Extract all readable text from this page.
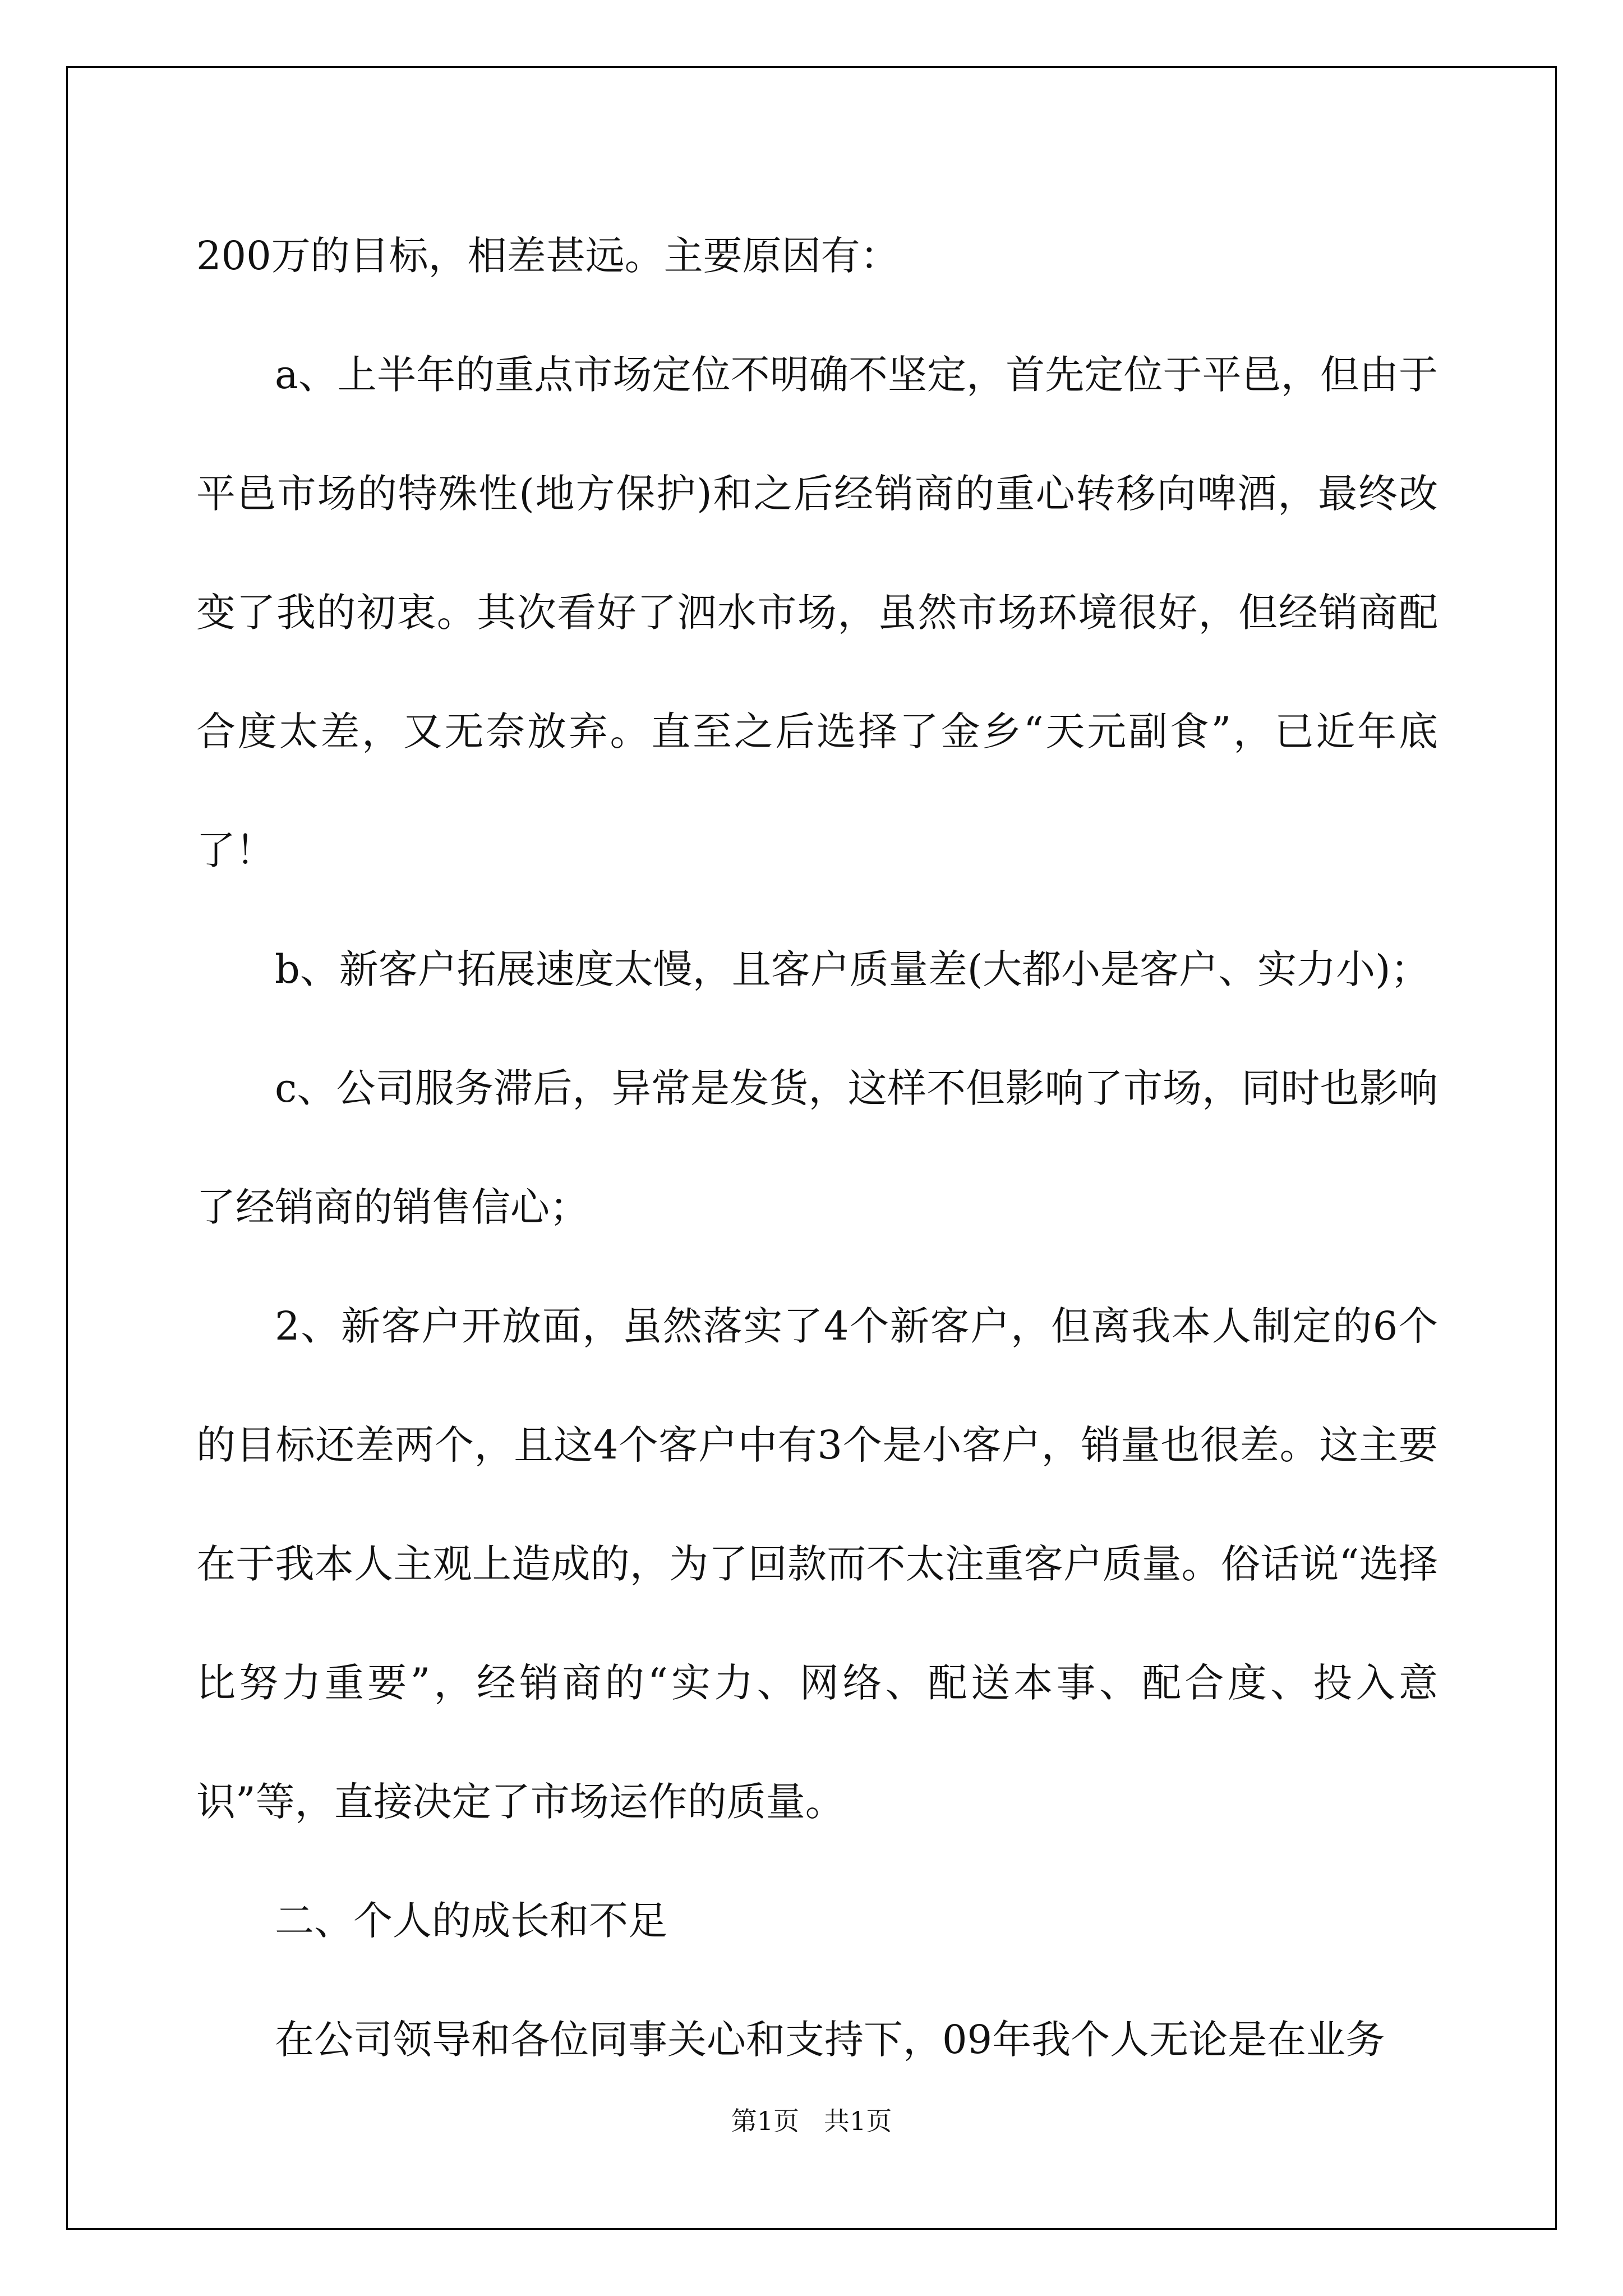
200万的目标，相差甚远。主要原因有：

a、上半年的重点市场定位不明确不坚定，首先定位于平邑，但由于平邑市场的特殊性(地方保护)和之后经销商的重心转移向啤酒，最终改变了我的初衷。其次看好了泗水市场，虽然市场环境很好，但经销商配合度太差，又无奈放弃。直至之后选择了金乡“天元副食”，已近年底了！

b、新客户拓展速度太慢，且客户质量差(大都小是客户、实力小)；

c、公司服务滞后，异常是发货，这样不但影响了市场，同时也影响了经销商的销售信心；

2、新客户开放面，虽然落实了4个新客户，但离我本人制定的6个的目标还差两个，且这4个客户中有3个是小客户，销量也很差。这主要在于我本人主观上造成的，为了回款而不太注重客户质量。俗话说“选择比努力重要”，经销商的“实力、网络、配送本事、配合度、投入意识”等，直接决定了市场运作的质量。

二、个人的成长和不足

在公司领导和各位同事关心和支持下，09年我个人无论是在业务

第1页 共1页
